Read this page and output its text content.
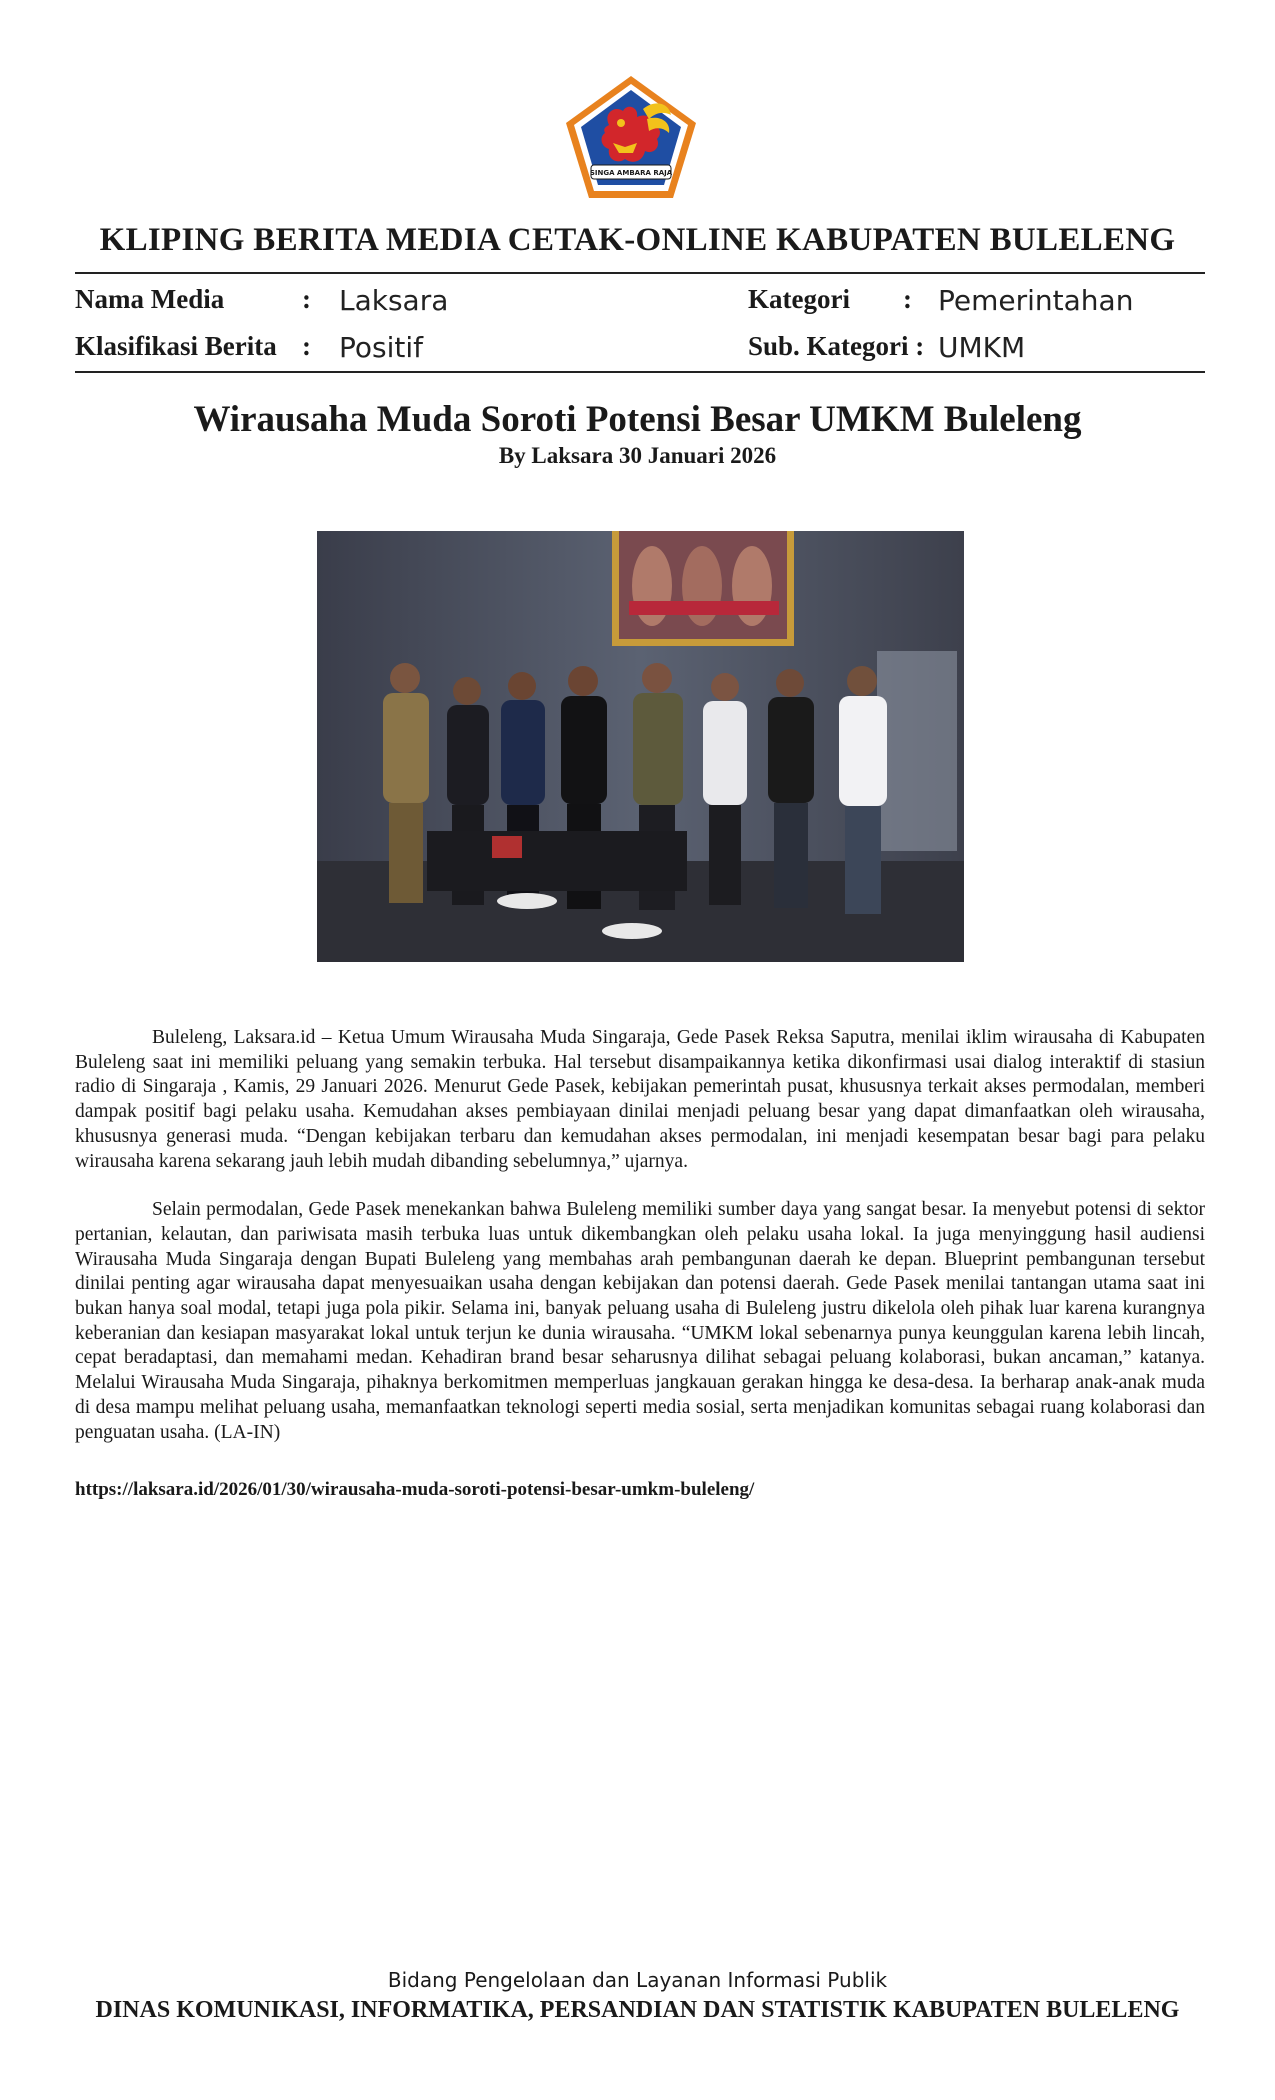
SINGA AMBARA RAJA
KLIPING BERITA MEDIA CETAK-ONLINE KABUPATEN BULELENG
Nama Media	: Laksara
Klasifikasi Berita : Positif
Kategori : Pemerintahan
Sub. Kategori : UMKM
Wirausaha Muda Soroti Potensi Besar UMKM Buleleng
By Laksara 30 Januari 2026

Buleleng, Laksara.id – Ketua Umum Wirausaha Muda Singaraja, Gede Pasek Reksa Saputra, menilai iklim wirausaha di Kabupaten Buleleng saat ini memiliki peluang yang semakin terbuka. Hal tersebut disampaikannya ketika dikonfirmasi usai dialog interaktif di stasiun radio di Singaraja , Kamis, 29 Januari 2026. Menurut Gede Pasek, kebijakan pemerintah pusat, khususnya terkait akses permodalan, memberi dampak positif bagi pelaku usaha. Kemudahan akses pembiayaan dinilai menjadi peluang besar yang dapat dimanfaatkan oleh wirausaha, khususnya generasi muda. “Dengan kebijakan terbaru dan kemudahan akses permodalan, ini menjadi kesempatan besar bagi para pelaku wirausaha karena sekarang jauh lebih mudah dibanding sebelumnya,” ujarnya.

Selain permodalan, Gede Pasek menekankan bahwa Buleleng memiliki sumber daya yang sangat besar. Ia menyebut potensi di sektor pertanian, kelautan, dan pariwisata masih terbuka luas untuk dikembangkan oleh pelaku usaha lokal. Ia juga menyinggung hasil audiensi Wirausaha Muda Singaraja dengan Bupati Buleleng yang membahas arah pembangunan daerah ke depan. Blueprint pembangunan tersebut dinilai penting agar wirausaha dapat menyesuaikan usaha dengan kebijakan dan potensi daerah. Gede Pasek menilai tantangan utama saat ini bukan hanya soal modal, tetapi juga pola pikir. Selama ini, banyak peluang usaha di Buleleng justru dikelola oleh pihak luar karena kurangnya keberanian dan kesiapan masyarakat lokal untuk terjun ke dunia wirausaha. “UMKM lokal sebenarnya punya keunggulan karena lebih lincah, cepat beradaptasi, dan memahami medan. Kehadiran brand besar seharusnya dilihat sebagai peluang kolaborasi, bukan ancaman,” katanya. Melalui Wirausaha Muda Singaraja, pihaknya berkomitmen memperluas jangkauan gerakan hingga ke desa-desa. Ia berharap anak-anak muda di desa mampu melihat peluang usaha, memanfaatkan teknologi seperti media sosial, serta menjadikan komunitas sebagai ruang kolaborasi dan penguatan usaha. (LA-IN)

https://laksara.id/2026/01/30/wirausaha-muda-soroti-potensi-besar-umkm-buleleng/
Bidang Pengelolaan dan Layanan Informasi Publik
DINAS KOMUNIKASI, INFORMATIKA, PERSANDIAN DAN STATISTIK KABUPATEN BULELENG
